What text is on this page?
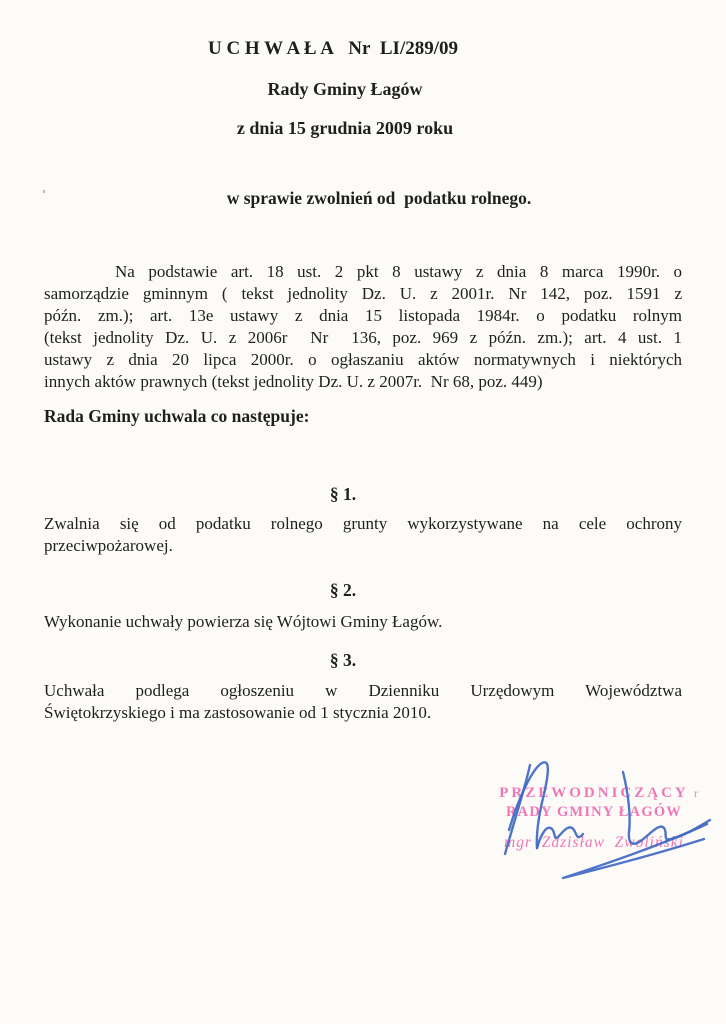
U C H W A Ł A   Nr  LI/289/09
Rady Gminy Łagów
z dnia 15 grudnia 2009 roku
w sprawie zwolnień od  podatku rolnego.
Na podstawie art. 18 ust. 2 pkt 8 ustawy z dnia 8 marca 1990r. o
samorządzie gminnym ( tekst jednolity Dz. U. z 2001r. Nr 142, poz. 1591 z
późn. zm.); art. 13e ustawy z dnia 15 listopada 1984r. o podatku rolnym
(tekst jednolity Dz. U. z 2006r  Nr  136, poz. 969 z późn. zm.); art. 4 ust. 1
ustawy z dnia 20 lipca 2000r. o ogłaszaniu aktów normatywnych i niektórych
innych aktów prawnych (tekst jednolity Dz. U. z 2007r.  Nr 68, poz. 449)
Rada Gminy uchwala co następuje:
§ 1.
Zwalnia się od podatku rolnego grunty wykorzystywane na cele ochrony
przeciwpożarowej.
§ 2.
Wykonanie uchwały powierza się Wójtowi Gminy Łagów.
§ 3.
Uchwała podlega ogłoszeniu w Dzienniku Urzędowym Województwa
Świętokrzyskiego i ma zastosowanie od 1 stycznia 2010.
PRZEWODNICZĄCY
RADY GMINY ŁAGÓW
mgr  Zdzisław  Zwoliński
r
